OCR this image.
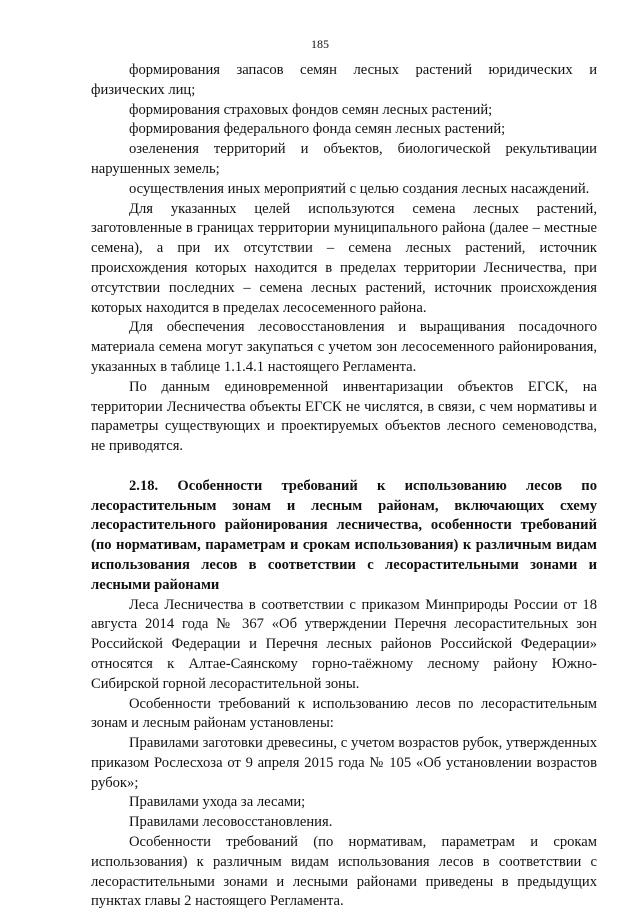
185

формирования запасов семян лесных растений юридических и физических лиц;

формирования страховых фондов семян лесных растений;

формирования федерального фонда семян лесных растений;

озеленения территорий и объектов, биологической рекультивации нарушенных земель;

осуществления иных мероприятий с целью создания лесных насаждений.

Для указанных целей используются семена лесных растений, заготовленные в границах территории муниципального района (далее – местные семена), а при их отсутствии – семена лесных растений, источник происхождения которых находится в пределах территории Лесничества, при отсутствии последних – семена лесных растений, источник происхождения которых находится в пределах лесосеменного района.

Для обеспечения лесовосстановления и выращивания посадочного материала семена могут закупаться с учетом зон лесосеменного районирования, указанных в таблице 1.1.4.1 настоящего Регламента.

По данным единовременной инвентаризации объектов ЕГСК, на территории Лесничества объекты ЕГСК не числятся, в связи, с чем нормативы и параметры существующих и проектируемых объектов лесного семеноводства, не приводятся.

2.18. Особенности требований к использованию лесов по лесорастительным зонам и лесным районам, включающих схему лесорастительного районирования лесничества, особенности требований (по нормативам, параметрам и срокам использования) к различным видам использования лесов в соответствии с лесорастительными зонами и лесными районами

Леса Лесничества в соответствии с приказом Минприроды России от 18 августа 2014 года № 367 «Об утверждении Перечня лесорастительных зон Российской Федерации и Перечня лесных районов Российской Федерации» относятся к Алтае-Саянскому горно-таёжному лесному району Южно-Сибирской горной лесорастительной зоны.

Особенности требований к использованию лесов по лесорастительным зонам и лесным районам установлены:

Правилами заготовки древесины, с учетом возрастов рубок, утвержденных приказом Рослесхоза от 9 апреля 2015 года № 105 «Об установлении возрастов рубок»;

Правилами ухода за лесами;

Правилами лесовосстановления.

Особенности требований (по нормативам, параметрам и срокам использования) к различным видам использования лесов в соответствии с лесорастительными зонами и лесными районами приведены в предыдущих пунктах главы 2 настоящего Регламента.
